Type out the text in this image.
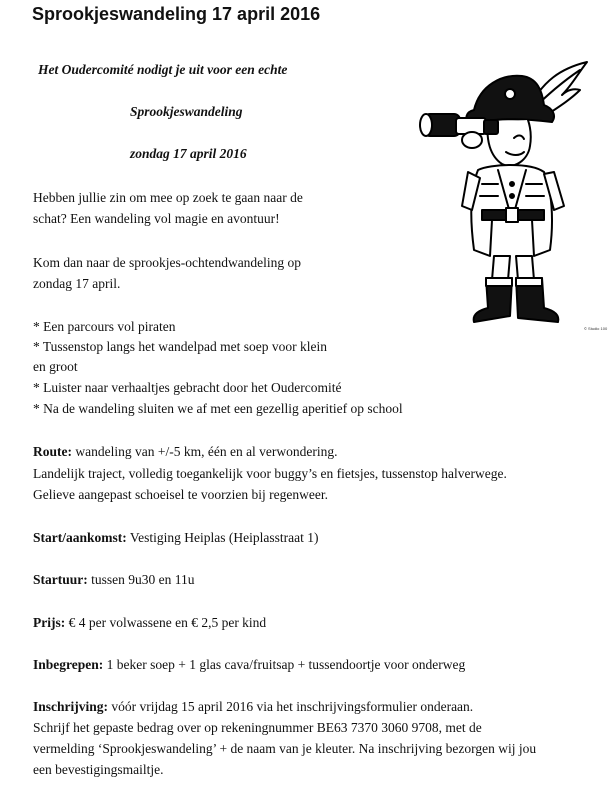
Sprookjeswandeling 17 april 2016
Het Oudercomité nodigt je uit voor een echte
Sprookjeswandeling
zondag 17 april 2016
© Studio 100
Hebben jullie zin om mee op zoek te gaan naar de
schat? Een wandeling vol magie en avontuur!
Kom dan naar de sprookjes-ochtendwandeling op
zondag 17 april.
* Een parcours vol piraten
* Tussenstop langs het wandelpad met soep voor klein
en groot
* Luister naar verhaaltjes gebracht door het Oudercomité
* Na de wandeling sluiten we af met een gezellig aperitief op school
Route: wandeling van +/-5 km, één en al verwondering.
Landelijk traject, volledig toegankelijk voor buggy’s en fietsjes, tussenstop halverwege.
Gelieve aangepast schoeisel te voorzien bij regenweer.
Start/aankomst: Vestiging Heiplas (Heiplasstraat 1)
Startuur: tussen 9u30 en 11u
Prijs: € 4 per volwassene en € 2,5 per kind
Inbegrepen: 1 beker soep + 1 glas cava/fruitsap + tussendoortje voor onderweg
Inschrijving: vóór vrijdag 15 april 2016 via het inschrijvingsformulier onderaan.
Schrijf het gepaste bedrag over op rekeningnummer BE63 7370 3060 9708, met de
vermelding ‘Sprookjeswandeling’ + de naam van je kleuter. Na inschrijving bezorgen wij jou
een bevestigingsmailtje.
